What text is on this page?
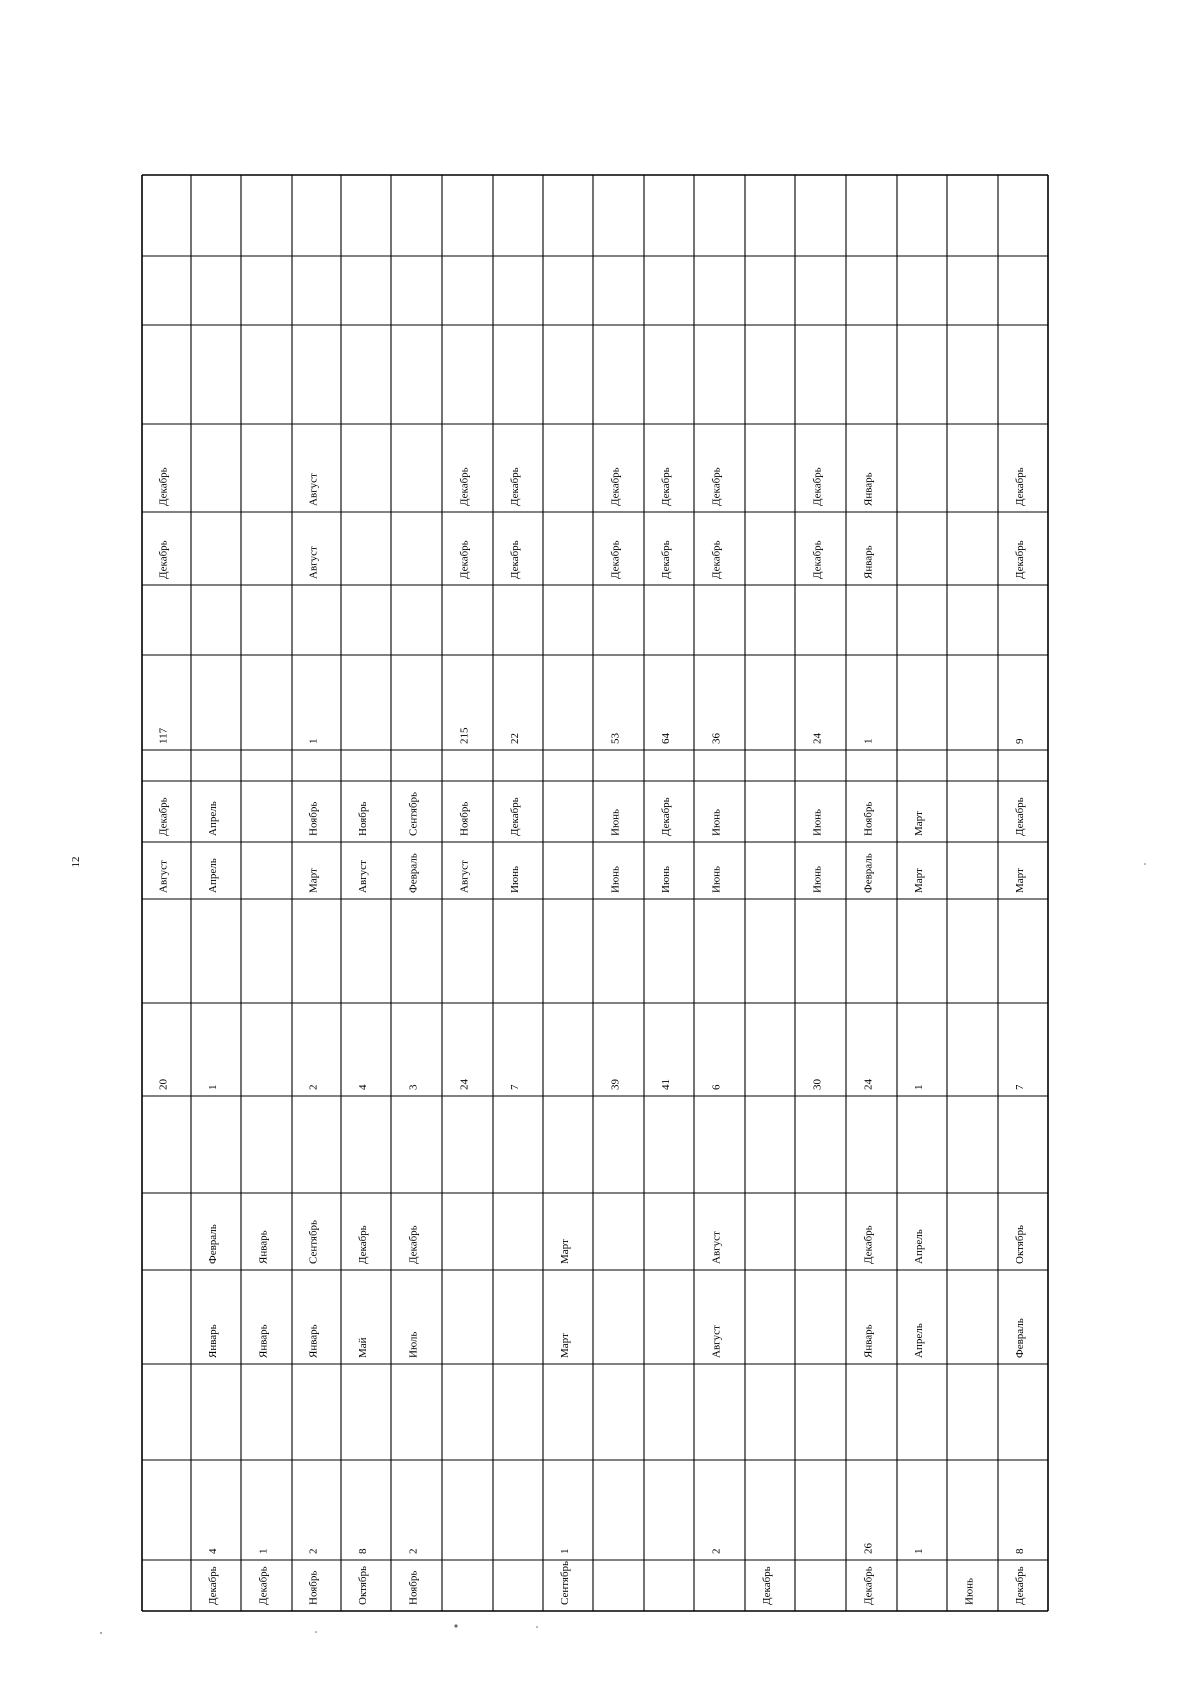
12
20
Август
Декабрь
117
Декабрь
Декабрь
Декабрь
4
Январь
Февраль
1
Апрель
Апрель
Декабрь
1
Январь
Январь
Ноябрь
2
Январь
Сентябрь
2
Март
Ноябрь
1
Август
Август
Октябрь
8
Май
Декабрь
4
Август
Ноябрь
Ноябрь
2
Июль
Декабрь
3
Февраль
Сентябрь
24
Август
Ноябрь
215
Декабрь
Декабрь
7
Июнь
Декабрь
22
Декабрь
Декабрь
Сентябрь
1
Март
Март
39
Июнь
Июнь
53
Декабрь
Декабрь
41
Июнь
Декабрь
64
Декабрь
Декабрь
2
Август
Август
6
Июнь
Июнь
36
Декабрь
Декабрь
Декабрь
30
Июнь
Июнь
24
Декабрь
Декабрь
Декабрь
26
Январь
Декабрь
24
Февраль
Ноябрь
1
Январь
Январь
1
Апрель
Апрель
1
Март
Март
Июнь	Декабрь
8
Февраль
Октябрь
7
Март
Декабрь
9
Декабрь
Декабрь
